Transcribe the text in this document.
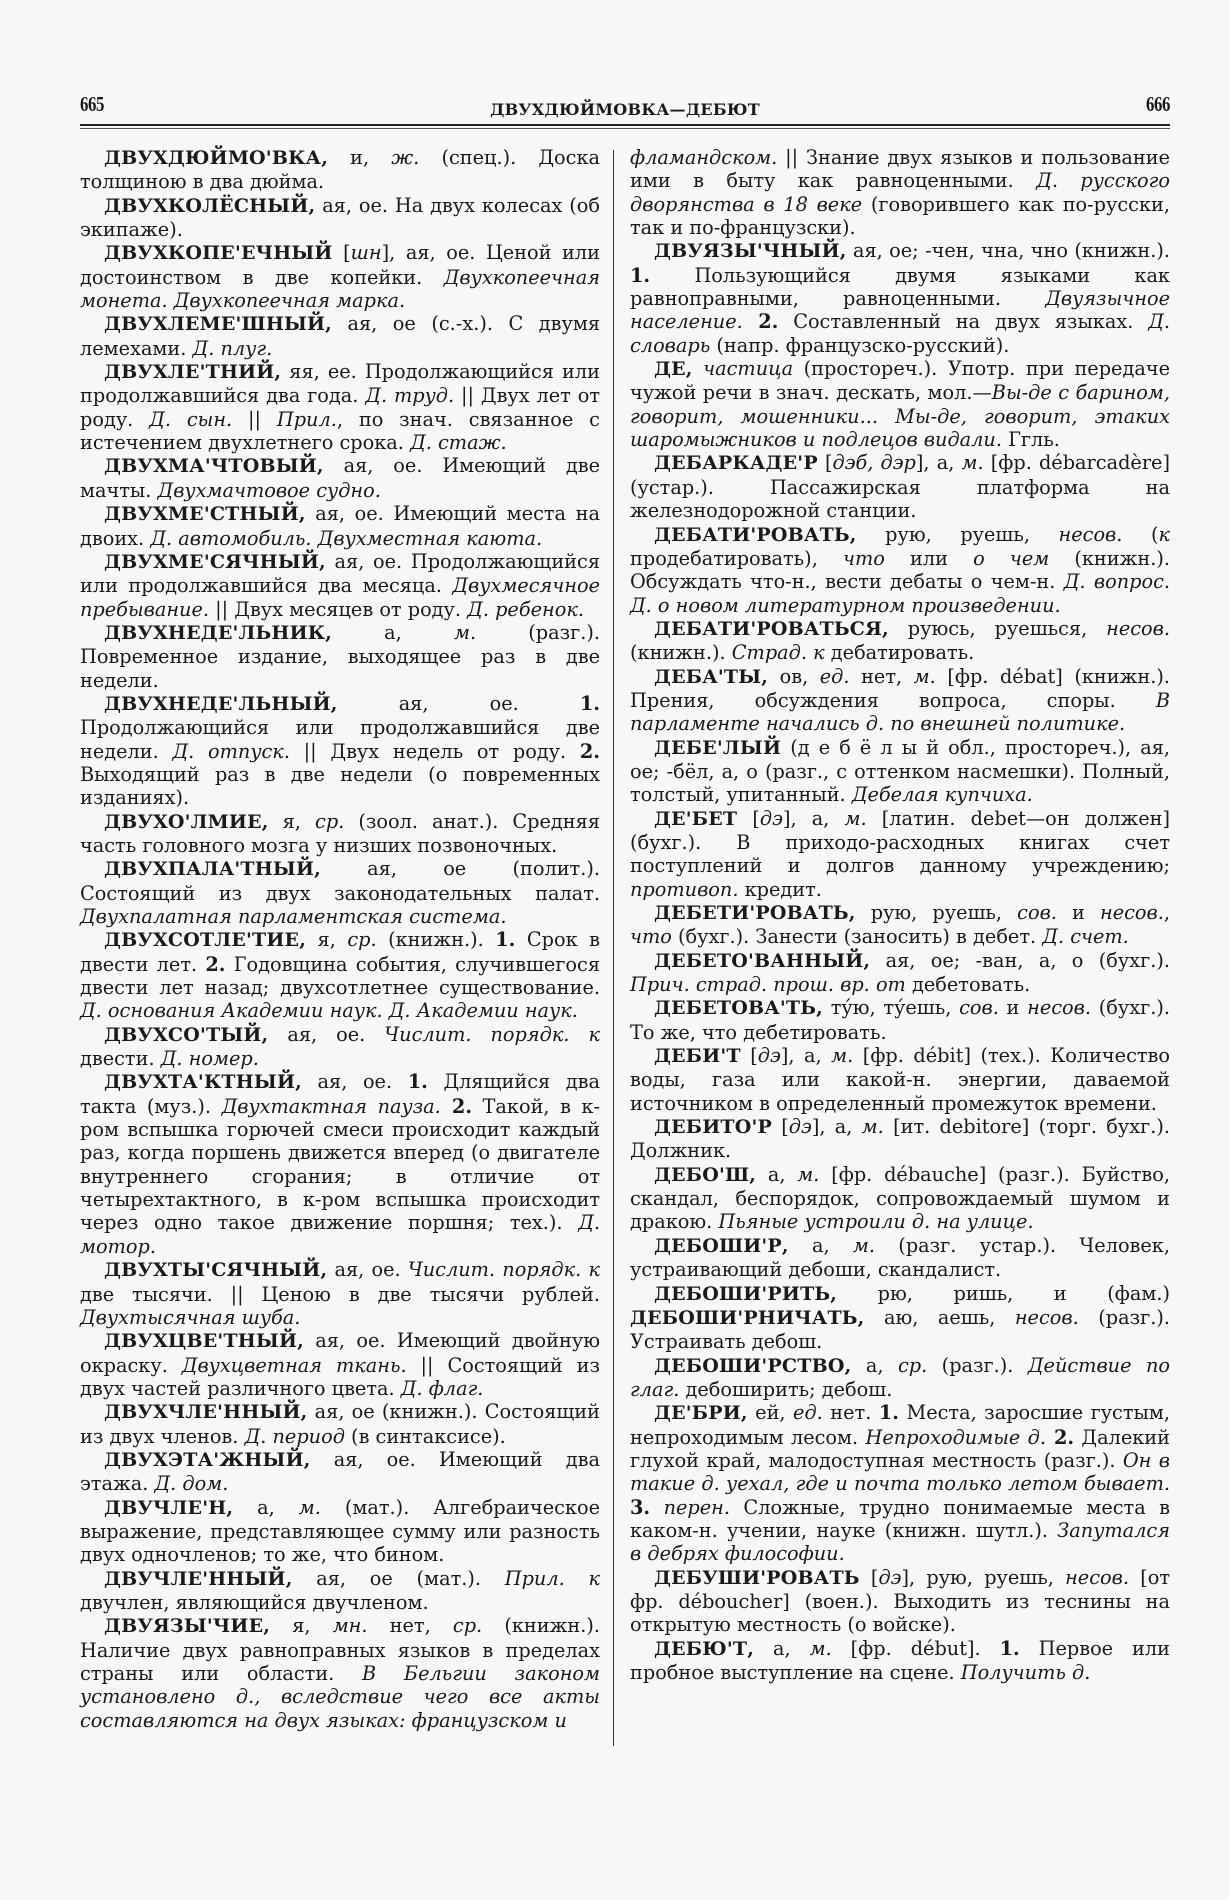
665	ДВУХДЮЙМОВКА—ДЕБЮТ	666

ДВУХДЮЙМО'ВКА, и, ж. (спец.). Доска толщиною в два дюйма.

ДВУХКОЛЁСНЫЙ, ая, ое. На двух колесах (об экипаже).

ДВУХКОПЕ'ЕЧНЫЙ [шн], ая, ое. Ценой или достоинством в две копейки. Двухкопеечная монета. Двухкопеечная марка.

ДВУХЛЕМЕ'ШНЫЙ, ая, ое (с.-х.). С двумя лемехами. Д. плуг.

ДВУХЛЕ'ТНИЙ, яя, ее. Продолжающийся или продолжавшийся два года. Д. труд. || Двух лет от роду. Д. сын. || Прил., по знач. связанное с истечением двухлетнего срока. Д. стаж.

ДВУХМА'ЧТОВЫЙ, ая, ое. Имеющий две мачты. Двухмачтовое судно.

ДВУХМЕ'СТНЫЙ, ая, ое. Имеющий места на двоих. Д. автомобиль. Двухместная каюта.

ДВУХМЕ'СЯЧНЫЙ, ая, ое. Продолжающийся или продолжавшийся два месяца. Двухмесячное пребывание. || Двух месяцев от роду. Д. ребенок.

ДВУХНЕДЕ'ЛЬНИК, а, м. (разг.). Повременное издание, выходящее раз в две недели.

ДВУХНЕДЕ'ЛЬНЫЙ, ая, ое. 1. Продолжающийся или продолжавшийся две недели. Д. отпуск. || Двух недель от роду. 2. Выходящий раз в две недели (о повременных изданиях).

ДВУХО'ЛМИЕ, я, ср. (зоол. анат.). Средняя часть головного мозга у низших позвоночных.

ДВУХПАЛА'ТНЫЙ, ая, ое (полит.). Состоящий из двух законодательных палат. Двухпалатная парламентская система.

ДВУХСОТЛЕ'ТИЕ, я, ср. (книжн.). 1. Срок в двести лет. 2. Годовщина события, случившегося двести лет назад; двухсотлетнее существование. Д. основания Академии наук. Д. Академии наук.

ДВУХСО'ТЫЙ, ая, ое. Числит. порядк. к двести. Д. номер.

ДВУХТА'КТНЫЙ, ая, ое. 1. Длящийся два такта (муз.). Двухтактная пауза. 2. Такой, в к-ром вспышка горючей смеси происходит каждый раз, когда поршень движется вперед (о двигателе внутреннего сгорания; в отличие от четырехтактного, в к-ром вспышка происходит через одно такое движение поршня; тех.). Д. мотор.

ДВУХТЫ'СЯЧНЫЙ, ая, ое. Числит. порядк. к две тысячи. || Ценою в две тысячи рублей. Двухтысячная шуба.

ДВУХЦВЕ'ТНЫЙ, ая, ое. Имеющий двойную окраску. Двухцветная ткань. || Состоящий из двух частей различного цвета. Д. флаг.

ДВУХЧЛЕ'ННЫЙ, ая, ое (книжн.). Состоящий из двух членов. Д. период (в синтаксисе).

ДВУХЭТА'ЖНЫЙ, ая, ое. Имеющий два этажа. Д. дом.

ДВУЧЛЕ'Н, а, м. (мат.). Алгебраическое выражение, представляющее сумму или разность двух одночленов; то же, что бином.

ДВУЧЛЕ'ННЫЙ, ая, ое (мат.). Прил. к двучлен, являющийся двучленом.

ДВУЯЗЫ'ЧИЕ, я, мн. нет, ср. (книжн.). Наличие двух равноправных языков в пределах страны или области. В Бельгии законом установлено д., вследствие чего все акты составляются на двух языках: французском и

фламандском. || Знание двух языков и пользование ими в быту как равноценными. Д. русского дворянства в 18 веке (говорившего как по-русски, так и по-французски).

ДВУЯЗЫ'ЧНЫЙ, ая, ое; -чен, чна, чно (книжн.). 1. Пользующийся двумя языками как равноправными, равноценными. Двуязычное население. 2. Составленный на двух языках. Д. словарь (напр. французско-русский).

ДЕ, частица (простореч.). Употр. при передаче чужой речи в знач. дескать, мол.—Вы-де с барином, говорит, мошенники... Мы-де, говорит, этаких шаромыжников и подлецов видали. Ггль.

ДЕБАРКАДЕ'Р [дэб, дэр], а, м. [фр. débarcadère] (устар.). Пассажирская платформа на железнодорожной станции.

ДЕБАТИ'РОВАТЬ, рую, руешь, несов. (к продебатировать), что или о чем (книжн.). Обсуждать что-н., вести дебаты о чем-н. Д. вопрос. Д. о новом литературном произведении.

ДЕБАТИ'РОВАТЬСЯ, руюсь, руешься, несов. (книжн.). Страд. к дебатировать.

ДЕБА'ТЫ, ов, ед. нет, м. [фр. débat] (книжн.). Прения, обсуждения вопроса, споры. В парламенте начались д. по внешней политике.

ДЕБЕ'ЛЫЙ (д е б ё л ы й обл., простореч.), ая, ое; -бёл, а, о (разг., с оттенком насмешки). Полный, толстый, упитанный. Дебелая купчиха.

ДЕ'БЕТ [дэ], а, м. [латин. debet—он должен] (бухг.). В приходо-расходных книгах счет поступлений и долгов данному учреждению; противоп. кредит.

ДЕБЕТИ'РОВАТЬ, рую, руешь, сов. и несов., что (бухг.). Занести (заносить) в дебет. Д. счет.

ДЕБЕТО'ВАННЫЙ, ая, ое; -ван, а, о (бухг.). Прич. страд. прош. вр. от дебетовать.

ДЕБЕТОВА'ТЬ, ту́ю, ту́ешь, сов. и несов. (бухг.). То же, что дебетировать.

ДЕБИ'Т [дэ], а, м. [фр. débit] (тех.). Количество воды, газа или какой-н. энергии, даваемой источником в определенный промежуток времени.

ДЕБИТО'Р [дэ], а, м. [ит. debitore] (торг. бухг.). Должник.

ДЕБО'Ш, а, м. [фр. débauche] (разг.). Буйство, скандал, беспорядок, сопровождаемый шумом и дракою. Пьяные устроили д. на улице.

ДЕБОШИ'Р, а, м. (разг. устар.). Человек, устраивающий дебоши, скандалист.

ДЕБОШИ'РИТЬ, рю, ришь, и (фам.) ДЕБОШИ'РНИЧАТЬ, аю, аешь, несов. (разг.). Устраивать дебош.

ДЕБОШИ'РСТВО, а, ср. (разг.). Действие по глаг. дебоширить; дебош.

ДЕ'БРИ, ей, ед. нет. 1. Места, заросшие густым, непроходимым лесом. Непроходимые д. 2. Далекий глухой край, малодоступная местность (разг.). Он в такие д. уехал, где и почта только летом бывает. 3. перен. Сложные, трудно понимаемые места в каком-н. учении, науке (книжн. шутл.). Запутался в дебрях философии.

ДЕБУШИ'РОВАТЬ [дэ], рую, руешь, несов. [от фр. déboucher] (воен.). Выходить из теснины на открытую местность (о войске).

ДЕБЮ'Т, а, м. [фр. début]. 1. Первое или пробное выступление на сцене. Получить д.
